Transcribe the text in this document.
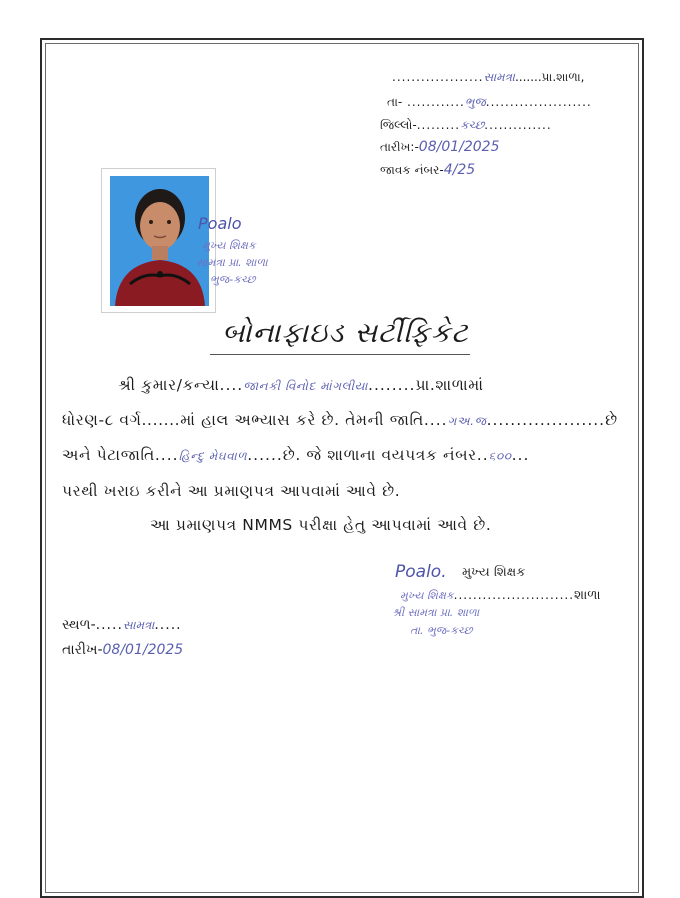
...................સામત્રા.......પ્રા.શાળા,
તા- ............ભુજ......................
જિલ્લો-.........કચ્છ..............
તારીખ:-08/01/2025
જાવક નંબર-4/25
Poalo
મુખ્ય શિક્ષક
સામત્રા પ્રા. શાળા
ભુજ-કચ્છ
બોનાફાઇડ સર્ટીફિકેટ
શ્રી કુમાર/કન્યા....જાનકી વિનોદ માંગલીયા........પ્રા.શાળામાં
ધોરણ-૮ વર્ગ.......માં હાલ અભ્યાસ કરે છે. તેમની જાતિ....ગઅ.જ....................છે
અને પેટાજાતિ....હિન્દુ મેઘવાળ......છે. જે શાળાના વયપત્રક નંબર..૬૦૦...
પરથી ખરાઇ કરીને આ પ્રમાણપત્ર આપવામાં આવે છે.
આ પ્રમાણપત્ર NMMS પરીક્ષા હેતુ આપવામાં આવે છે.
Poalo. મુખ્ય શિક્ષક
મુખ્ય શિક્ષક.........................શાળા
શ્રી સામત્રા પ્રા. શાળા
તા. ભુજ-કચ્છ
સ્થળ-.....સામત્રા.....
તારીખ-08/01/2025
